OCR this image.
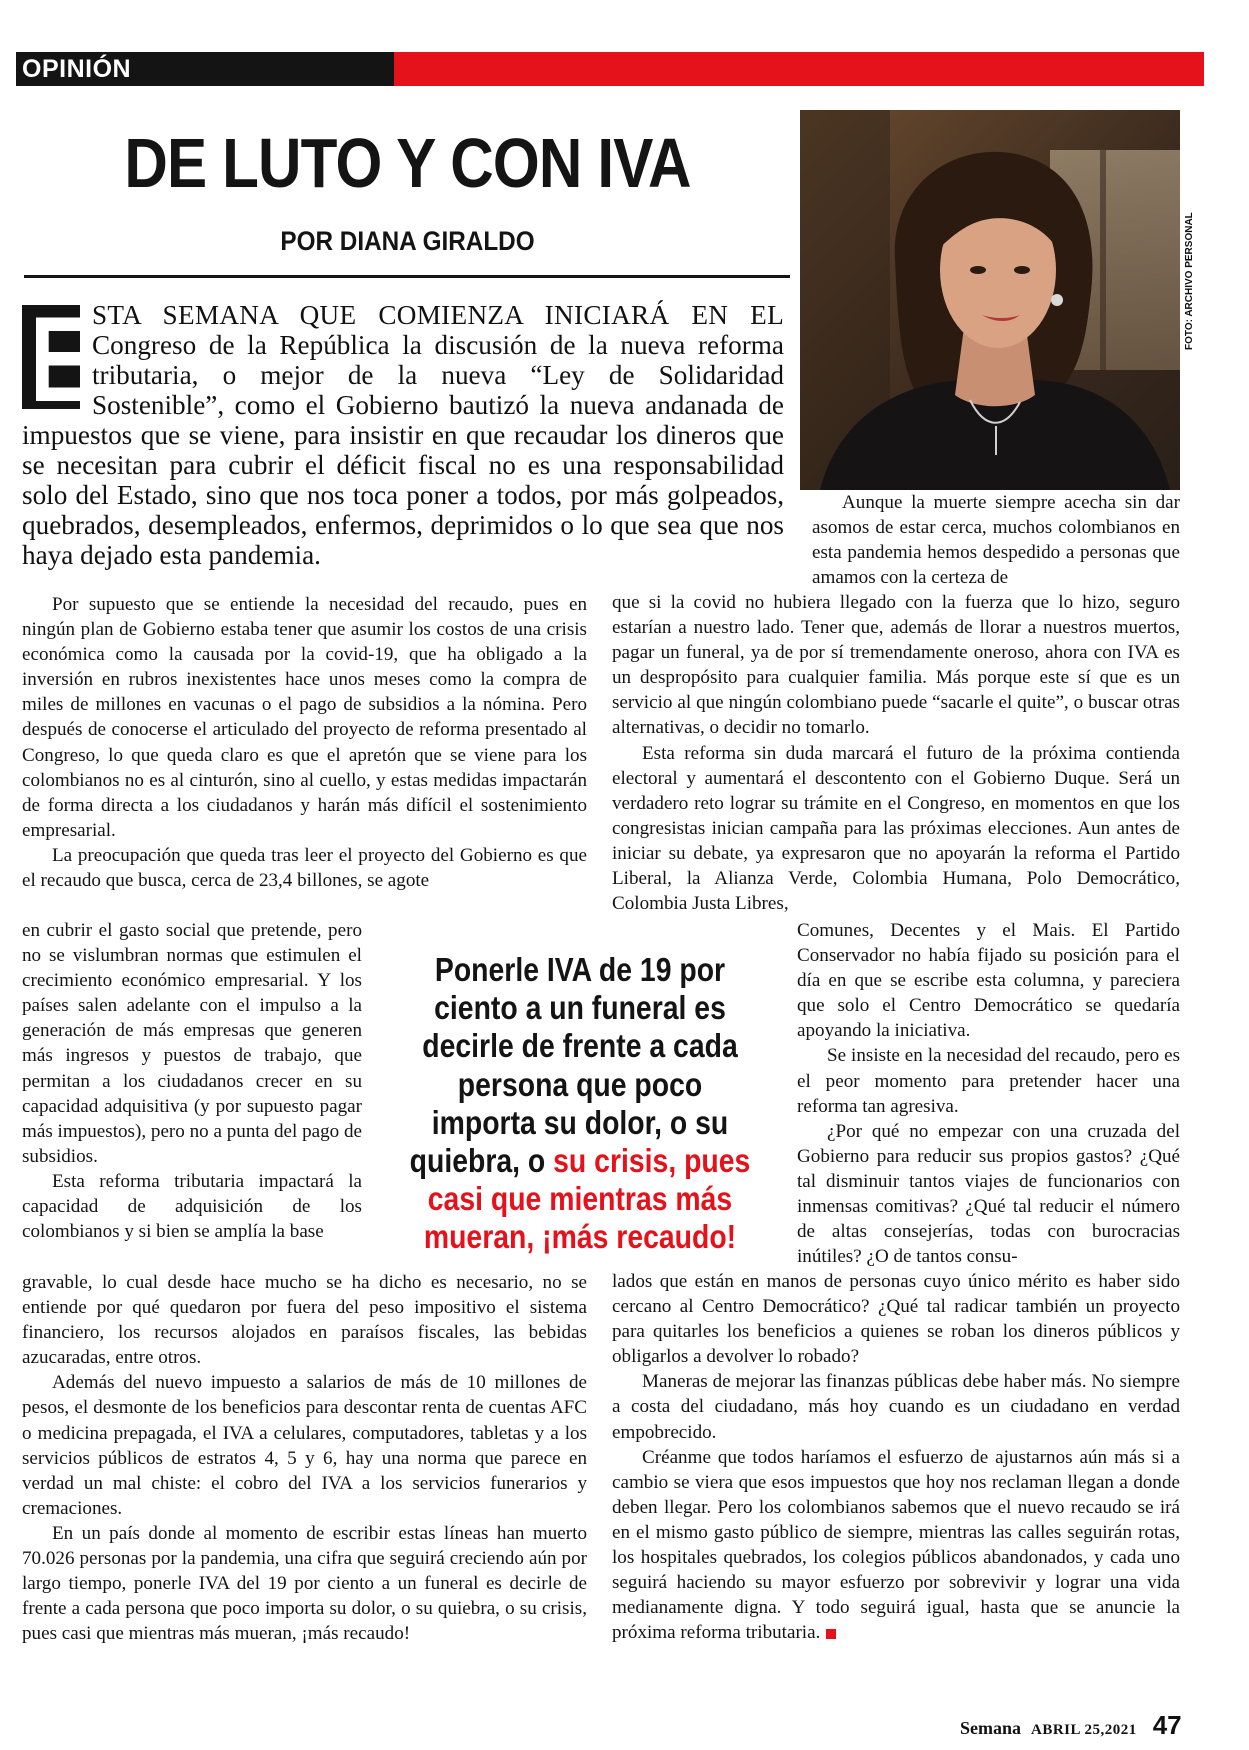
OPINIÓN
DE LUTO Y CON IVA
POR DIANA GIRALDO	FOTO: ARCHIVO PERSONAL
E STA SEMANA QUE COMIENZA INICIARÁ EN EL Congreso de la República la discusión de la nueva reforma tributaria, o mejor de la nueva “Ley de Solidaridad Sostenible”, como el Gobierno bautizó la nueva andanada de impuestos que se viene, para insistir en que recaudar los dineros que se necesitan para cubrir el déficit fiscal no es una responsabilidad solo del Estado, sino que nos toca poner a todos, por más golpeados, quebrados, desempleados, enfermos, deprimidos o lo que sea que nos haya dejado esta pandemia.

Por supuesto que se entiende la necesidad del recaudo, pues en ningún plan de Gobierno estaba tener que asumir los costos de una crisis económica como la causada por la covid-19, que ha obligado a la inversión en rubros inexistentes hace unos meses como la compra de miles de millones en vacunas o el pago de subsidios a la nómina. Pero después de conocerse el articulado del proyecto de reforma presentado al Congreso, lo que queda claro es que el apretón que se viene para los colombianos no es al cinturón, sino al cuello, y estas medidas impactarán de forma directa a los ciudadanos y harán más difícil el sostenimiento empresarial.

La preocupación que queda tras leer el proyecto del Gobierno es que el recaudo que busca, cerca de 23,4 billones, se agote

en cubrir el gasto social que pretende, pero no se vislumbran normas que estimulen el crecimiento económico empresarial. Y los países salen adelante con el impulso a la generación de más empresas que generen más ingresos y puestos de trabajo, que permitan a los ciudadanos crecer en su capacidad adquisitiva (y por supuesto pagar más impuestos), pero no a punta del pago de subsidios.

Esta reforma tributaria impactará la capacidad de adquisición de los colombianos y si bien se amplía la base

gravable, lo cual desde hace mucho se ha dicho es necesario, no se entiende por qué quedaron por fuera del peso impositivo el sistema financiero, los recursos alojados en paraísos fiscales, las bebidas azucaradas, entre otros.

Además del nuevo impuesto a salarios de más de 10 millones de pesos, el desmonte de los beneficios para descontar renta de cuentas AFC o medicina prepagada, el IVA a celulares, computadores, tabletas y a los servicios públicos de estratos 4, 5 y 6, hay una norma que parece en verdad un mal chiste: el cobro del IVA a los servicios funerarios y cremaciones.

En un país donde al momento de escribir estas líneas han muerto 70.026 personas por la pandemia, una cifra que seguirá creciendo aún por largo tiempo, ponerle IVA del 19 por ciento a un funeral es decirle de frente a cada persona que poco importa su dolor, o su quiebra, o su crisis, pues casi que mientras más mueran, ¡más recaudo!

Aunque la muerte siempre acecha sin dar asomos de estar cerca, muchos colombianos en esta pandemia hemos despedido a personas que amamos con la certeza de

que si la covid no hubiera llegado con la fuerza que lo hizo, seguro estarían a nuestro lado. Tener que, además de llorar a nuestros muertos, pagar un funeral, ya de por sí tremendamente oneroso, ahora con IVA es un despropósito para cualquier familia. Más porque este sí que es un servicio al que ningún colombiano puede “sacarle el quite”, o buscar otras alternativas, o decidir no tomarlo.

Esta reforma sin duda marcará el futuro de la próxima contienda electoral y aumentará el descontento con el Gobierno Duque. Será un verdadero reto lograr su trámite en el Congreso, en momentos en que los congresistas inician campaña para las próximas elecciones. Aun antes de iniciar su debate, ya expresaron que no apoyarán la reforma el Partido Liberal, la Alianza Verde, Colombia Humana, Polo Democrático, Colombia Justa Libres,

Comunes, Decentes y el Mais. El Partido Conservador no había fijado su posición para el día en que se escribe esta columna, y pareciera que solo el Centro Democrático se quedaría apoyando la iniciativa.

Se insiste en la necesidad del recaudo, pero es el peor momento para pretender hacer una reforma tan agresiva.

¿Por qué no empezar con una cruzada del Gobierno para reducir sus propios gastos? ¿Qué tal disminuir tantos viajes de funcionarios con inmensas comitivas? ¿Qué tal reducir el número de altas consejerías, todas con burocracias inútiles? ¿O de tantos consu-

lados que están en manos de personas cuyo único mérito es haber sido cercano al Centro Democrático? ¿Qué tal radicar también un proyecto para quitarles los beneficios a quienes se roban los dineros públicos y obligarlos a devolver lo robado?

Maneras de mejorar las finanzas públicas debe haber más. No siempre a costa del ciudadano, más hoy cuando es un ciudadano en verdad empobrecido.

Créanme que todos haríamos el esfuerzo de ajustarnos aún más si a cambio se viera que esos impuestos que hoy nos reclaman llegan a donde deben llegar. Pero los colombianos sabemos que el nuevo recaudo se irá en el mismo gasto público de siempre, mientras las calles seguirán rotas, los hospitales quebrados, los colegios públicos abandonados, y cada uno seguirá haciendo su mayor esfuerzo por sobrevivir y lograr una vida medianamente digna. Y todo seguirá igual, hasta que se anuncie la próxima reforma tributaria.

Ponerle IVA de 19 por ciento a un funeral es decirle de frente a cada persona que poco importa su dolor, o su quiebra, o su crisis, pues casi que mientras más mueran, ¡más recaudo!
Semana ABRIL 25,2021 47
